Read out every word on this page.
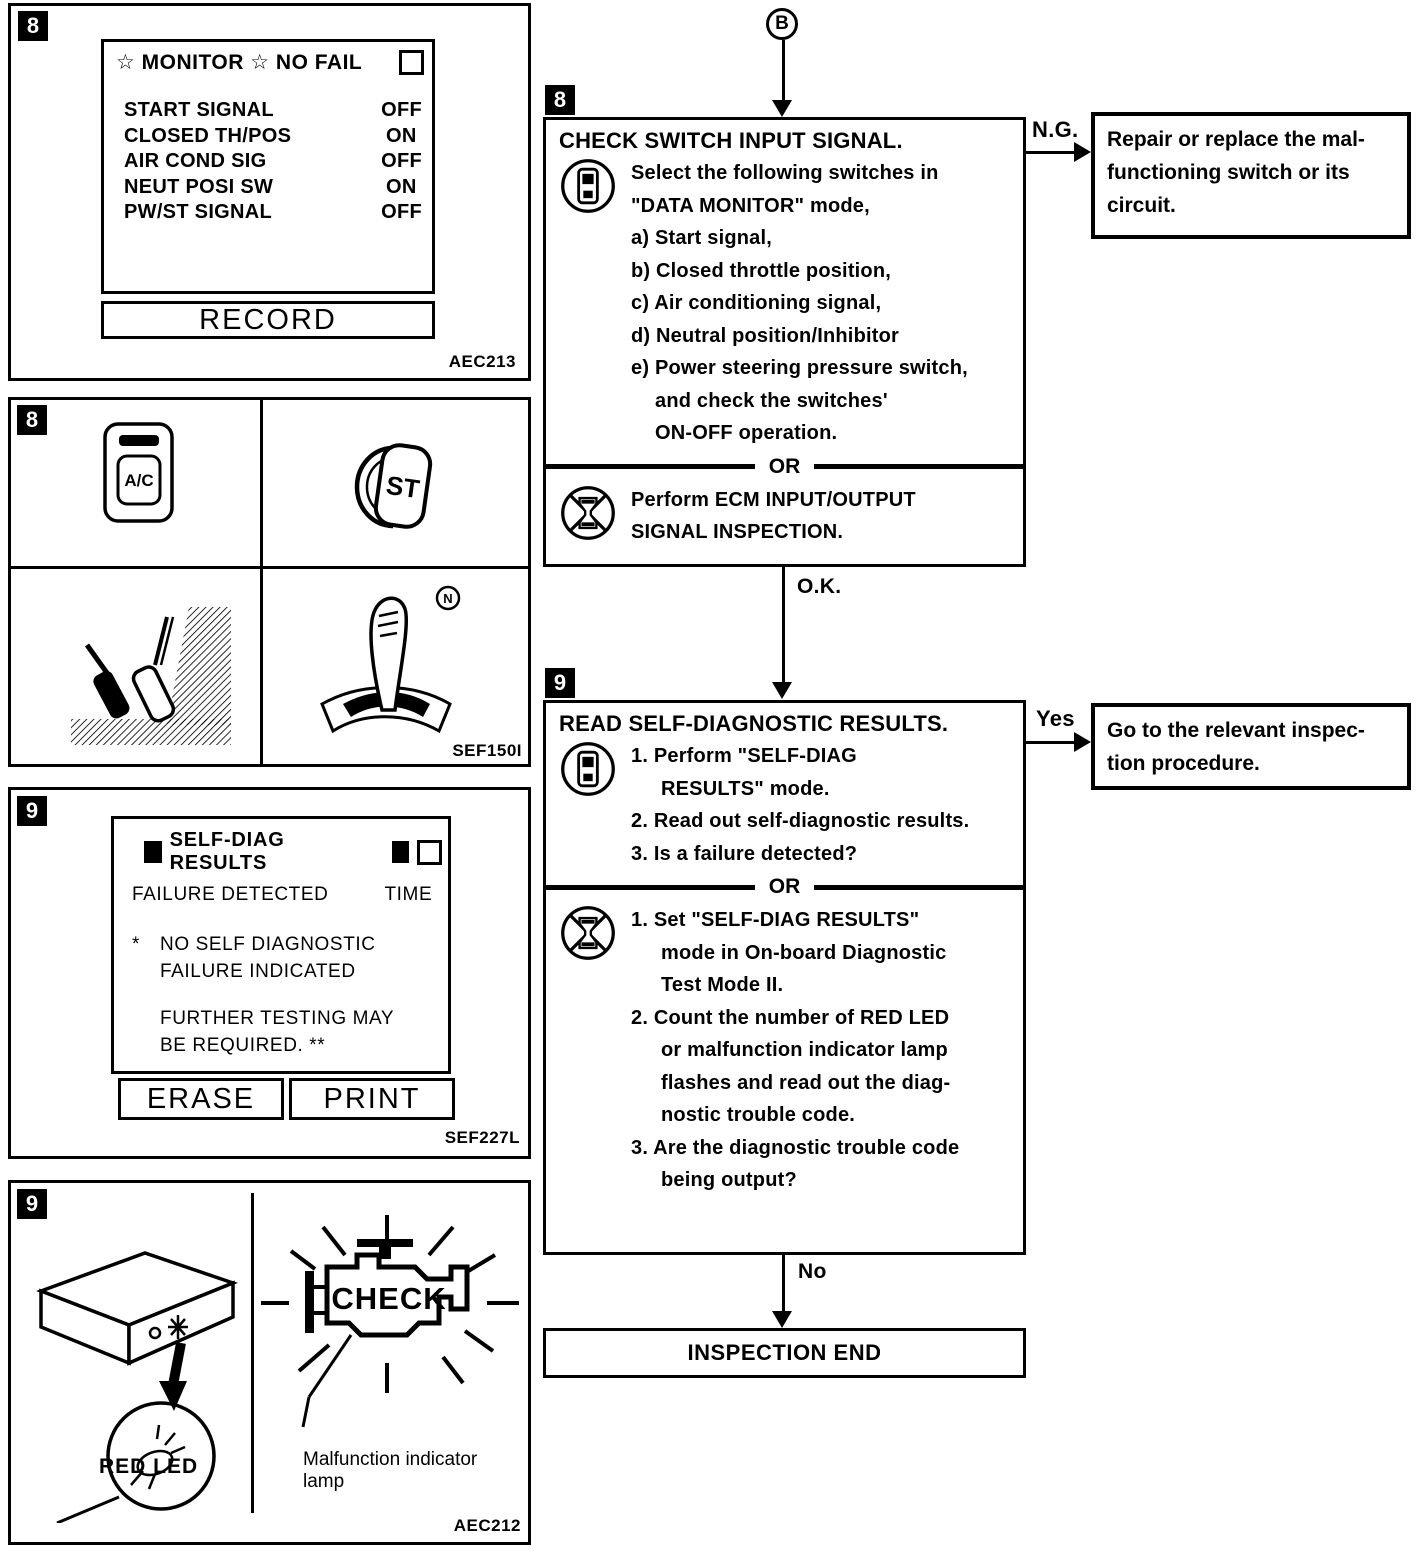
8
☆ MONITOR ☆ NO FAIL
START SIGNAL	OFF
CLOSED TH/POS	ON
AIR COND SIG	OFF
NEUT POSI SW	ON
PW/ST SIGNAL	OFF
RECORD
AEC213
8
A/C	ST
N
SEF150I
9
SELF-DIAG RESULTS
FAILURE DETECTED	TIME
* NO SELF DIAGNOSTIC
FAILURE INDICATED
FURTHER TESTING MAY
BE REQUIRED. **
ERASE	PRINT
SEF227L
9
RED LED
CHECK
Malfunction indicator
lamp
AEC212
B
8
CHECK SWITCH INPUT SIGNAL.
Select the following switches in
"DATA MONITOR" mode,
a) Start signal,
b) Closed throttle position,
c) Air conditioning signal,
d) Neutral position/Inhibitor
e) Power steering pressure switch,
and check the switches'
ON-OFF operation.
OR
Perform ECM INPUT/OUTPUT
SIGNAL INSPECTION.
N.G. Repair or replace the mal-
functioning switch or its
circuit.
O.K.
9
READ SELF-DIAGNOSTIC RESULTS.
1. Perform "SELF-DIAG
RESULTS" mode.
2. Read out self-diagnostic results.
3. Is a failure detected?
OR
1. Set "SELF-DIAG RESULTS"
mode in On-board Diagnostic
Test Mode II.
2. Count the number of RED LED
or malfunction indicator lamp
flashes and read out the diag-
nostic trouble code.
3. Are the diagnostic trouble code
being output?
Yes Go to the relevant inspec-
tion procedure.
No
INSPECTION END
